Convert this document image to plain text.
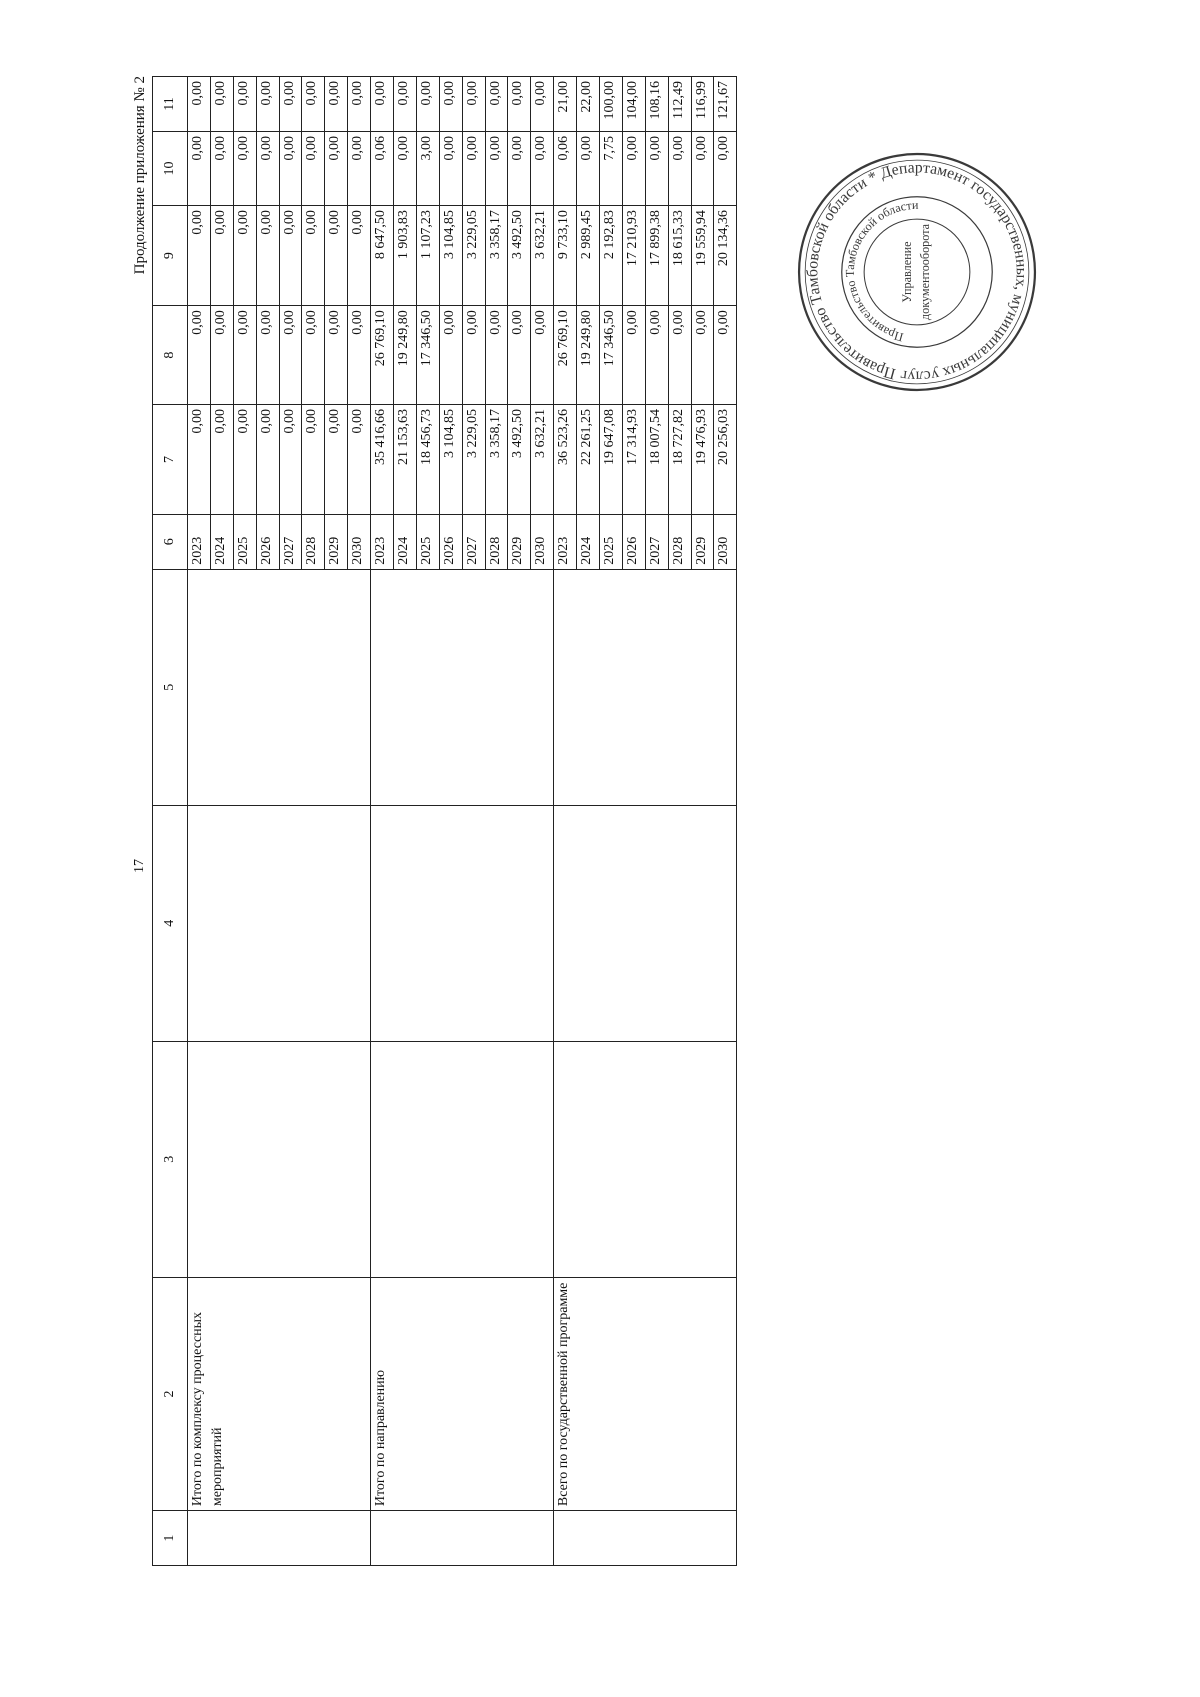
17
Продолжение приложения № 2
1	2	3	4	5	6	7	8	9	10	11
	Итого по комплексу процессных мероприятий				2023	0,00	0,00	0,00	0,00	0,00
					2024	0,00	0,00	0,00	0,00	0,00
					2025	0,00	0,00	0,00	0,00	0,00
					2026	0,00	0,00	0,00	0,00	0,00
					2027	0,00	0,00	0,00	0,00	0,00
					2028	0,00	0,00	0,00	0,00	0,00
					2029	0,00	0,00	0,00	0,00	0,00
					2030	0,00	0,00	0,00	0,00	0,00
	Итого по направлению				2023	35 416,66	26 769,10	8 647,50	0,06	0,00
					2024	21 153,63	19 249,80	1 903,83	0,00	0,00
					2025	18 456,73	17 346,50	1 107,23	3,00	0,00
					2026	3 104,85	0,00	3 104,85	0,00	0,00
					2027	3 229,05	0,00	3 229,05	0,00	0,00
					2028	3 358,17	0,00	3 358,17	0,00	0,00
					2029	3 492,50	0,00	3 492,50	0,00	0,00
					2030	3 632,21	0,00	3 632,21	0,00	0,00
	Всего по государственной программе				2023	36 523,26	26 769,10	9 733,10	0,06	21,00
					2024	22 261,25	19 249,80	2 989,45	0,00	22,00
					2025	19 647,08	17 346,50	2 192,83	7,75	100,00
					2026	17 314,93	0,00	17 210,93	0,00	104,00
					2027	18 007,54	0,00	17 899,38	0,00	108,16
					2028	18 727,82	0,00	18 615,33	0,00	112,49
					2029	19 476,93	0,00	19 559,94	0,00	116,99
					2030	20 256,03	0,00	20 134,36	0,00	121,67
Правительство Тамбовской области * Департамент государственных, муниципальных услуг
Правительство Тамбовской области
Управление документооборота
